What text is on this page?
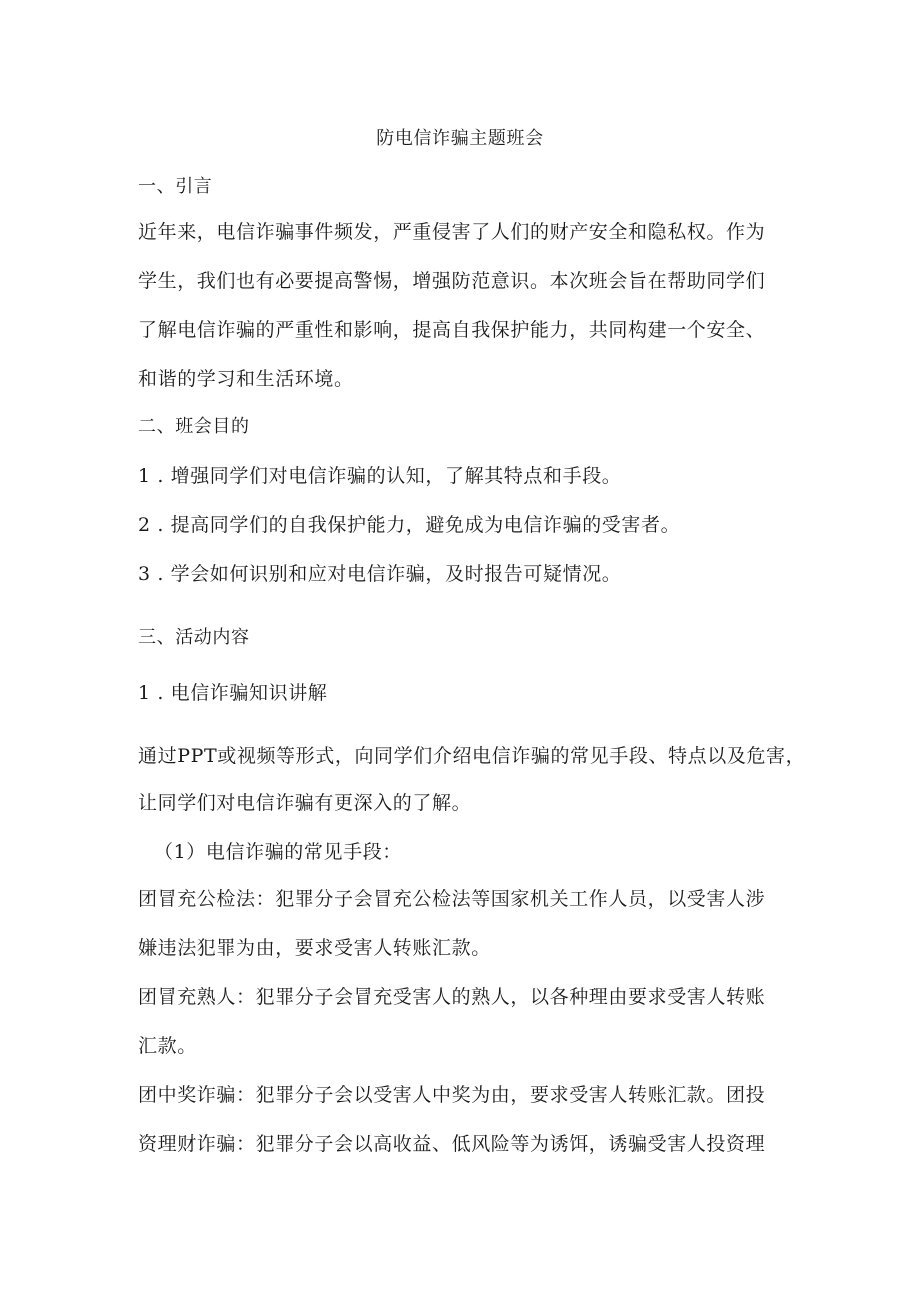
防电信诈骗主题班会
一、引言
近年来，电信诈骗事件频发，严重侵害了人们的财产安全和隐私权。作为
学生，我们也有必要提高警惕，增强防范意识。本次班会旨在帮助同学们
了解电信诈骗的严重性和影响，提高自我保护能力，共同构建一个安全、
和谐的学习和生活环境。
二、班会目的
1 . 增强同学们对电信诈骗的认知，了解其特点和手段。
2 . 提高同学们的自我保护能力，避免成为电信诈骗的受害者。
3 . 学会如何识别和应对电信诈骗，及时报告可疑情况。
三、活动内容
1 . 电信诈骗知识讲解
通过PPT或视频等形式，向同学们介绍电信诈骗的常见手段、特点以及危害，
让同学们对电信诈骗有更深入的了解。
（1）电信诈骗的常见手段：
团冒充公检法：犯罪分子会冒充公检法等国家机关工作人员，以受害人涉
嫌违法犯罪为由，要求受害人转账汇款。
团冒充熟人：犯罪分子会冒充受害人的熟人，以各种理由要求受害人转账
汇款。
团中奖诈骗：犯罪分子会以受害人中奖为由，要求受害人转账汇款。团投
资理财诈骗：犯罪分子会以高收益、低风险等为诱饵，诱骗受害人投资理
